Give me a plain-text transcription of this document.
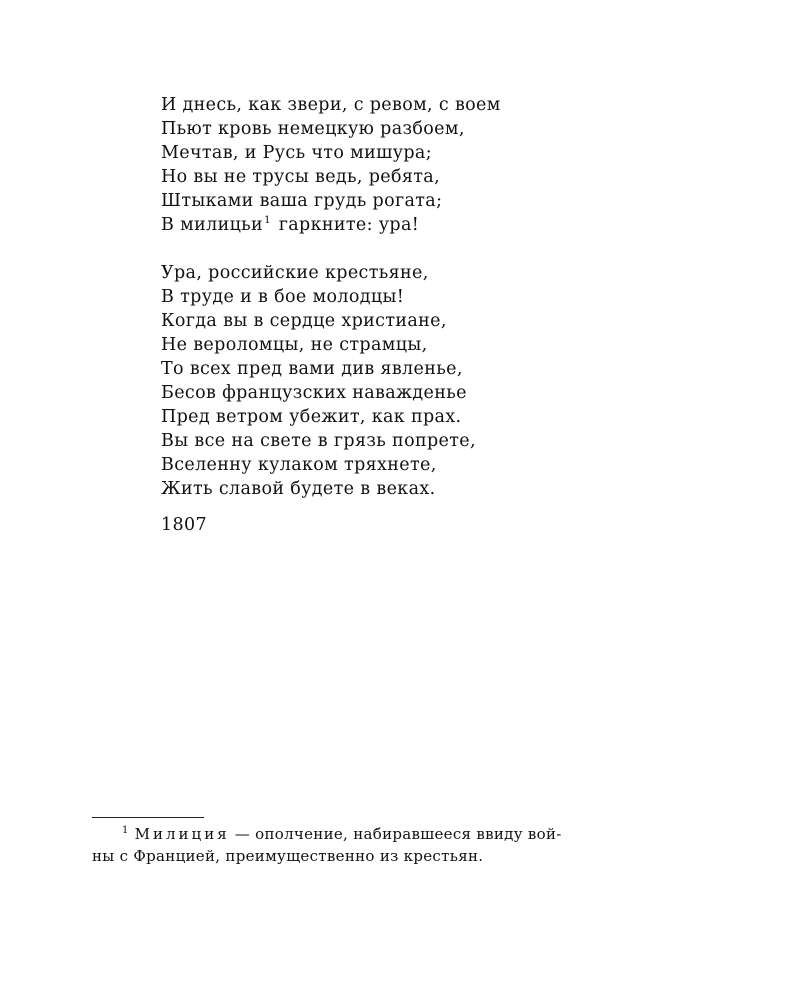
И днесь, как звери, с ревом, с воем
Пьют кровь немецкую разбоем,
Мечтав, и Русь что мишура;
Но вы не трусы ведь, ребята,
Штыками ваша грудь рогата;
В милицьи$^1$ гаркните: ура!
Ура, российские крестьяне,
В труде и в бое молодцы!
Когда вы в сердце христиане,
Не вероломцы, не страмцы,
То всех пред вами див явленье,
Бесов французских наважденье
Пред ветром убежит, как прах.
Вы все на свете в грязь попрете,
Вселенну кулаком тряхнете,
Жить славой будете в веках.
1807
$^1$ Милиция — ополчение, набиравшееся ввиду вой-
ны с Францией, преимущественно из крестьян.
